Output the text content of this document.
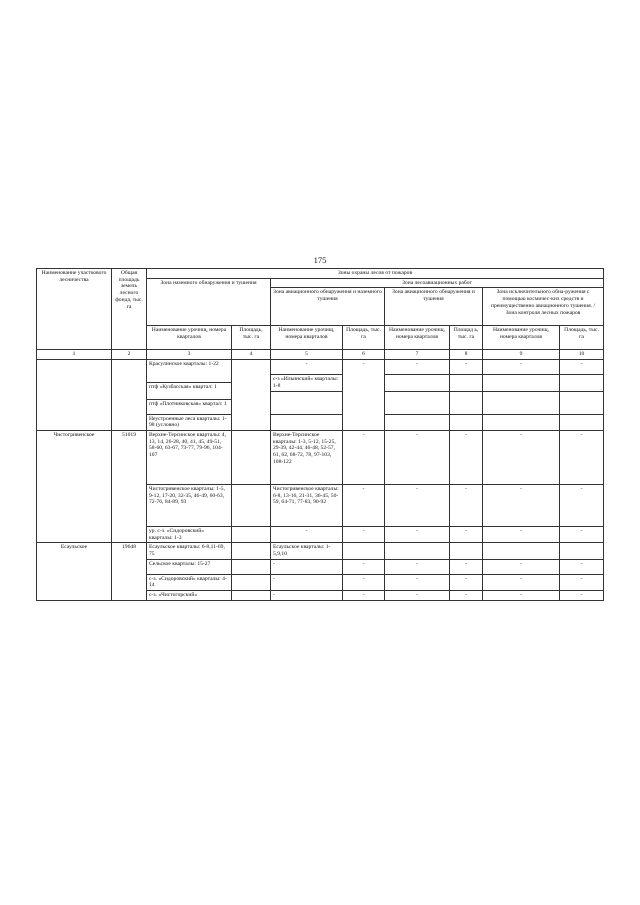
175
Наименование участкового лесничества	Общая площадь земель лесного фонда, тыс. га	Зоны охраны лесов от пожаров							
		Зона наземного обнаружения и тушения		Зона лесоавиационных работ					
				Зона авиационного обнаружения и наземного тушения		Зона авиационного обнаружения и тушения		Зона исключительного обна-ружения с помощью космичес-ких средств и преимущественно авиационного тушения. / Зона контроля лесных пожаров	
		Наименование урочищ, номера кварталов	Площадь, тыс. га	Наименование урочищ, номера кварталов	Площадь, тыс. га	Наименование урочищ, номера кварталов	Площад ь, тыс. га	Наименование урочищ, номера кварталов	Площадь, тыс. га
1	2	3	4	5	6	7	8	9	10
		Красулинское кварталы: 1-22		-	-	-	-	-	-
				с-з «Ильинский» кварталы: 1-8					
		птф «Кузбасская» квартал: 1							

		птф «Плотниковская» квартал: 1							
		Неустроенные леса кварталы: 1-98 (условно)							
Чистогривенское	51019	Верхне-Терсинское кварталы: 4, 13, 14, 26-28, 40, 41, 45, 49-51, 58-60, 63-67, 73-77, 79-96, 104-107		Верхне-Терсинское кварталы: 1-3, 5-12, 15-25, 29-39, 42-44, 46-48, 52-57, 61, 62, 68-72, 78, 97-103, 108-122	-	-	-	-	-
		Чистогривенское кварталы: 1-5, 9-12, 17-20, 32-35, 46-49, 60-63, 72-76, 84-89, 93		Чистогривенское кварталы: 6-8, 13-16, 21-31, 36-45, 50-59, 64-71, 77-83, 90-92	-	-	-	-	-
		ур. с-з. «Сидоровский» кварталы: 1-3		-	-	-	-	-	-
Есаульское	19648	Есаульское кварталы: 6-8,11-69, 75		Есаульское кварталы: 1-5,9,10					
		Сельское кварталы: 15-27		-	-	-	-	-	-
		с-з. «Сидоровский» кварталы: 4-14		-	-	-	-	-	-
		с-з. «Чистогорский»		-	-	-	-	-	-
